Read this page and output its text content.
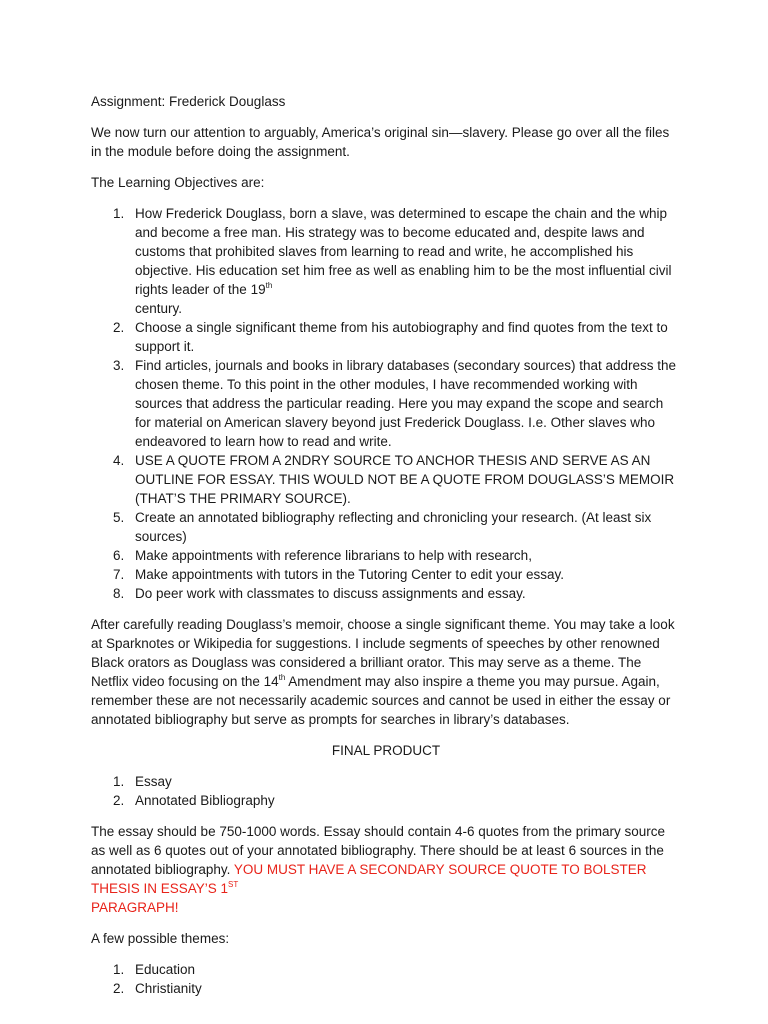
Assignment: Frederick Douglass

We now turn our attention to arguably, America’s original sin—slavery. Please go over all the files in the module before doing the assignment.

The Learning Objectives are:

1. How Frederick Douglass, born a slave, was determined to escape the chain and the whip and become a free man. His strategy was to become educated and, despite laws and customs that prohibited slaves from learning to read and write, he accomplished his objective. His education set him free as well as enabling him to be the most influential civil rights leader of the 19th
century.
2. Choose a single significant theme from his autobiography and find quotes from the text to support it.
3. Find articles, journals and books in library databases (secondary sources) that address the chosen theme. To this point in the other modules, I have recommended working with sources that address the particular reading. Here you may expand the scope and search for material on American slavery beyond just Frederick Douglass. I.e. Other slaves who endeavored to learn how to read and write.
4. USE A QUOTE FROM A 2NDRY SOURCE TO ANCHOR THESIS AND SERVE AS AN OUTLINE FOR ESSAY. THIS WOULD NOT BE A QUOTE FROM DOUGLASS’S MEMOIR (THAT’S THE PRIMARY SOURCE).
5. Create an annotated bibliography reflecting and chronicling your research. (At least six sources)
6. Make appointments with reference librarians to help with research,
7. Make appointments with tutors in the Tutoring Center to edit your essay.
8. Do peer work with classmates to discuss assignments and essay.

After carefully reading Douglass’s memoir, choose a single significant theme. You may take a look at Sparknotes or Wikipedia for suggestions. I include segments of speeches by other renowned Black orators as Douglass was considered a brilliant orator. This may serve as a theme. The Netflix video focusing on the 14th Amendment may also inspire a theme you may pursue. Again, remember these are not necessarily academic sources and cannot be used in either the essay or annotated bibliography but serve as prompts for searches in library’s databases.

FINAL PRODUCT

1. Essay
2. Annotated Bibliography

The essay should be 750-1000 words. Essay should contain 4-6 quotes from the primary source as well as 6 quotes out of your annotated bibliography. There should be at least 6 sources in the annotated bibliography. YOU MUST HAVE A SECONDARY SOURCE QUOTE TO BOLSTER THESIS IN ESSAY’S 1ST
PARAGRAPH!

A few possible themes:

1. Education
2. Christianity
